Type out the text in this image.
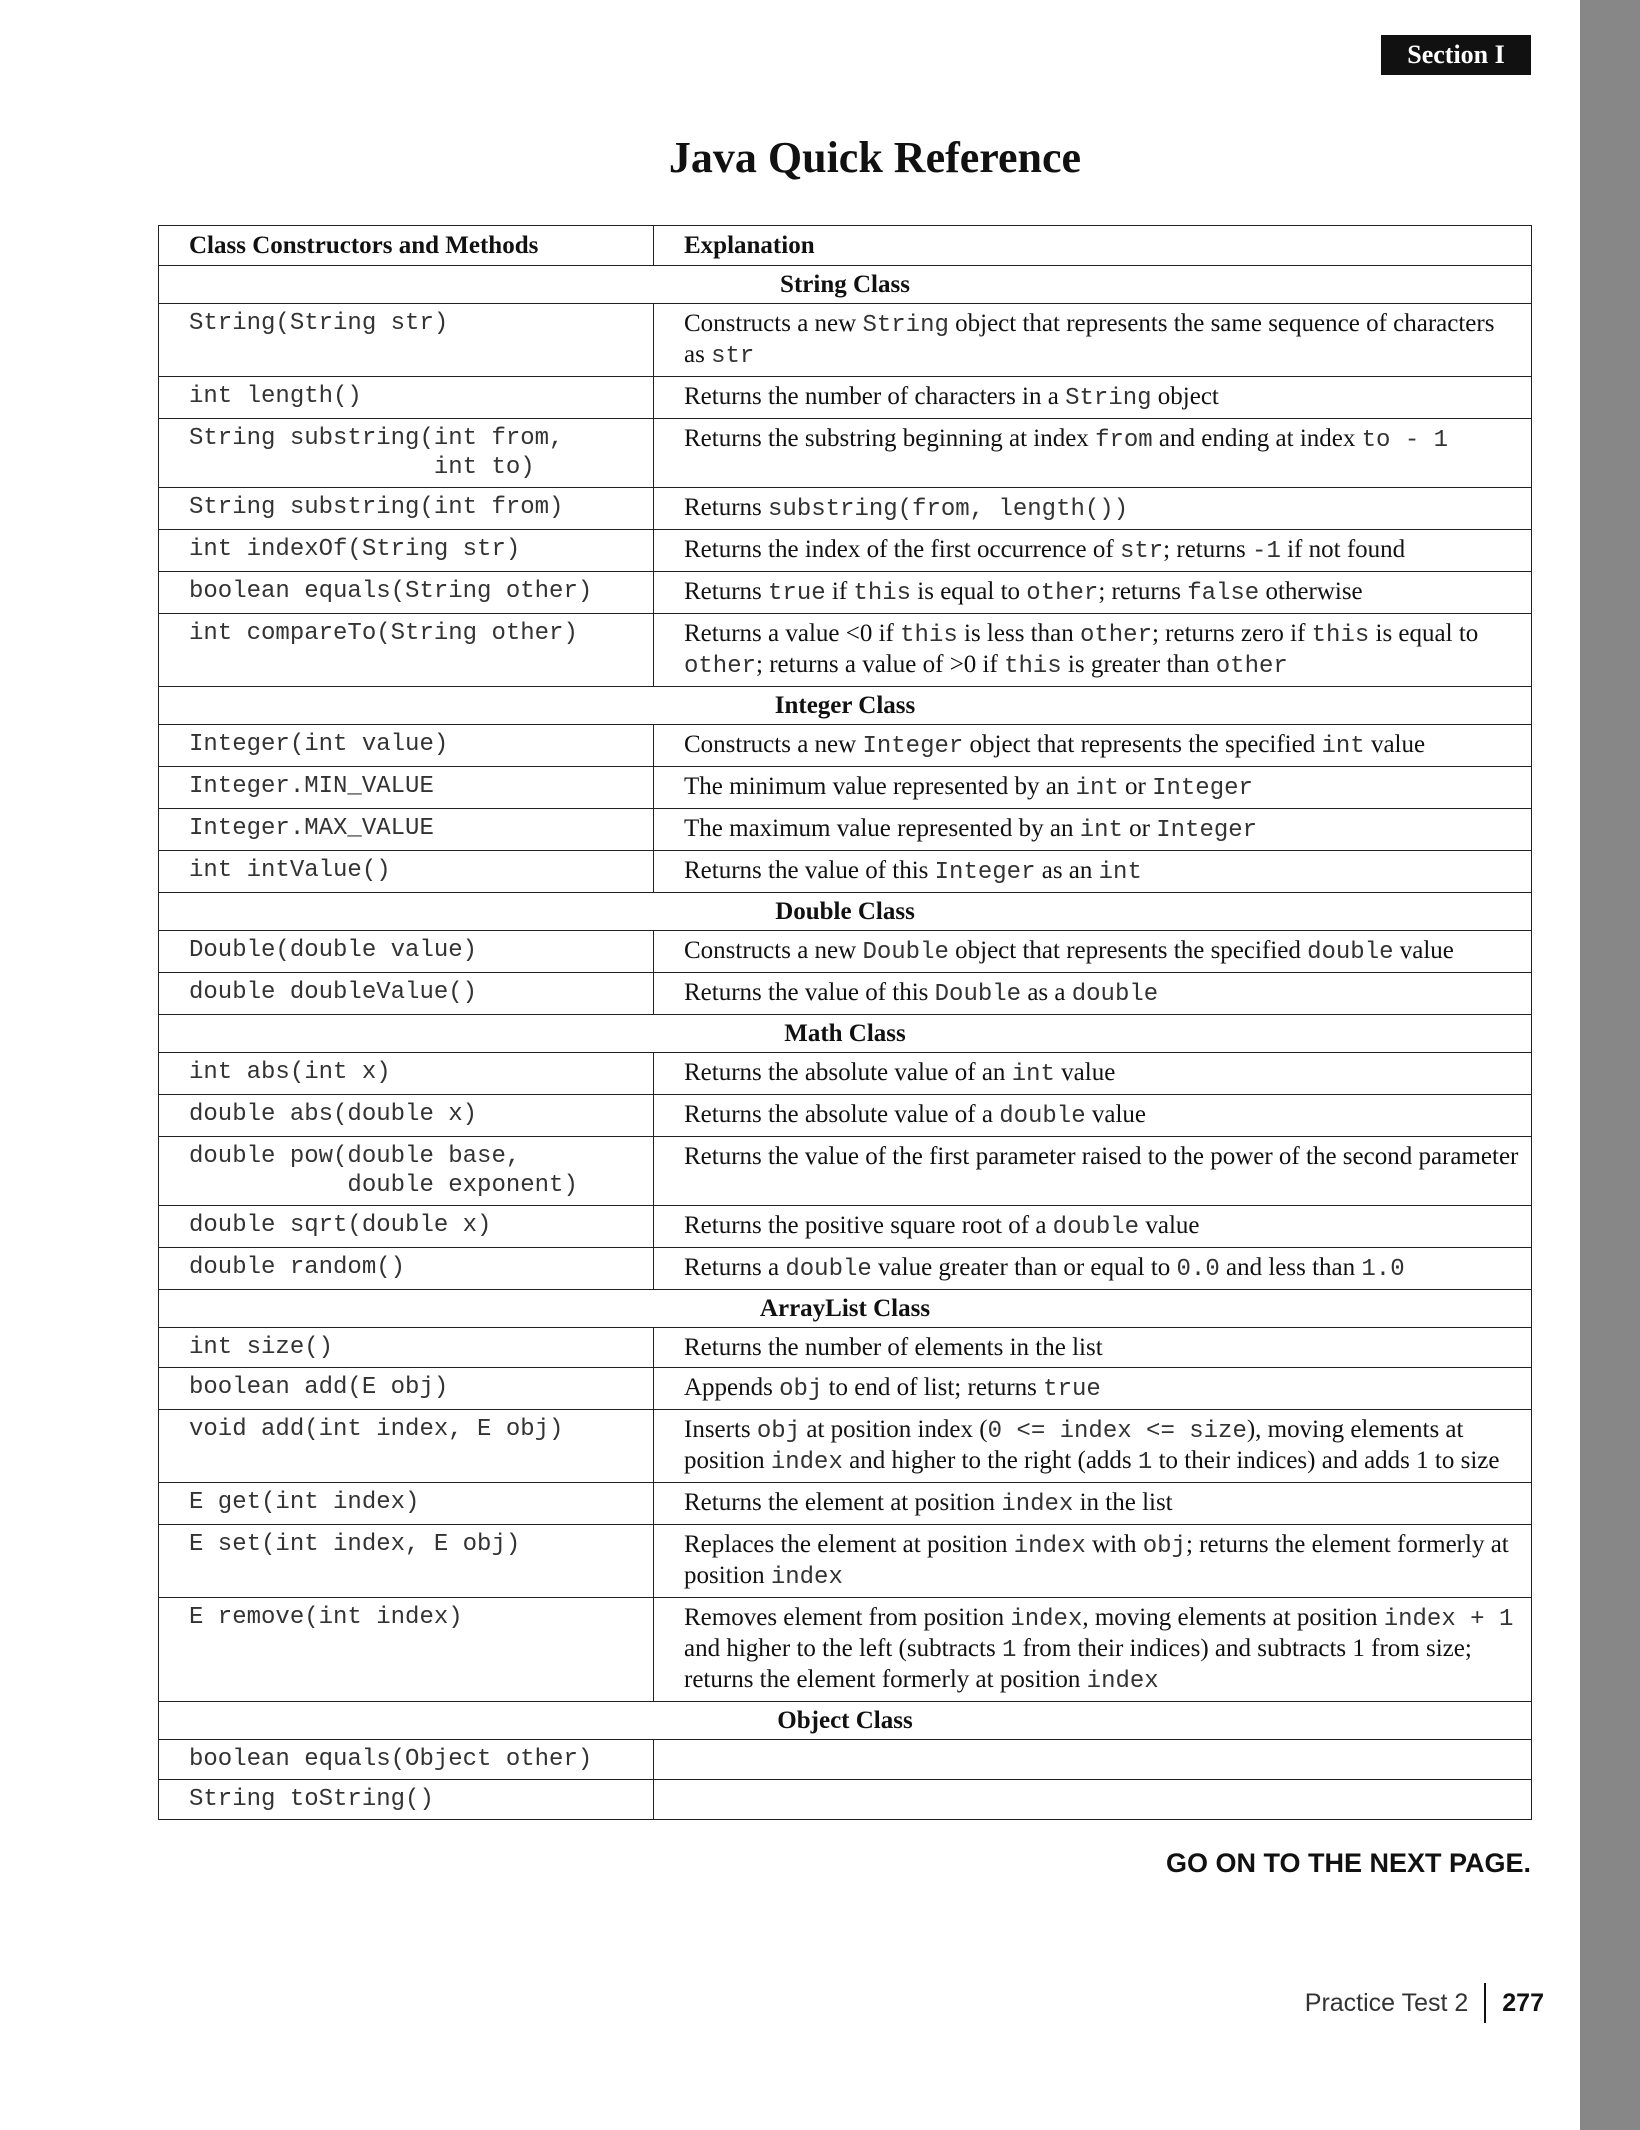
Section I
Java Quick Reference
Class Constructors and Methods	Explanation
String Class	

String(String str)	Constructs a new String object that represents the same sequence of characters as str

int length()	Returns the number of characters in a String object

String substring(int from,
int to)	Returns the substring beginning at index from and ending at index to - 1

String substring(int from)	Returns substring(from, length())

int indexOf(String str)	Returns the index of the first occurrence of str; returns -1 if not found

boolean equals(String other)	Returns true if this is equal to other; returns false otherwise

int compareTo(String other)	Returns a value <0 if this is less than other; returns zero if this is equal to other; returns a value of >0 if this is greater than other
Integer Class	

Integer(int value)	Constructs a new Integer object that represents the specified int value

Integer.MIN_VALUE	The minimum value represented by an int or Integer

Integer.MAX_VALUE	The maximum value represented by an int or Integer

int intValue()	Returns the value of this Integer as an int
Double Class	

Double(double value)	Constructs a new Double object that represents the specified double value

double doubleValue()	Returns the value of this Double as a double
Math Class	

int abs(int x)	Returns the absolute value of an int value

double abs(double x)	Returns the absolute value of a double value

double pow(double base,
double exponent)	Returns the value of the first parameter raised to the power of the second parameter

double sqrt(double x)	Returns the positive square root of a double value

double random()	Returns a double value greater than or equal to 0.0 and less than 1.0
ArrayList Class	

int size()	Returns the number of elements in the list

boolean add(E obj)	Appends obj to end of list; returns true

void add(int index, E obj)	Inserts obj at position index (0 <= index <= size), moving elements at position index and higher to the right (adds 1 to their indices) and adds 1 to size

E get(int index)	Returns the element at position index in the list

E set(int index, E obj)	Replaces the element at position index with obj; returns the element formerly at position index

E remove(int index)	Removes element from position index, moving elements at position index + 1 and higher to the left (subtracts 1 from their indices) and subtracts 1 from size; returns the element formerly at position index
Object Class	

boolean equals(Object other)	

String toString()	

GO ON TO THE NEXT PAGE.
Practice Test 2	277
